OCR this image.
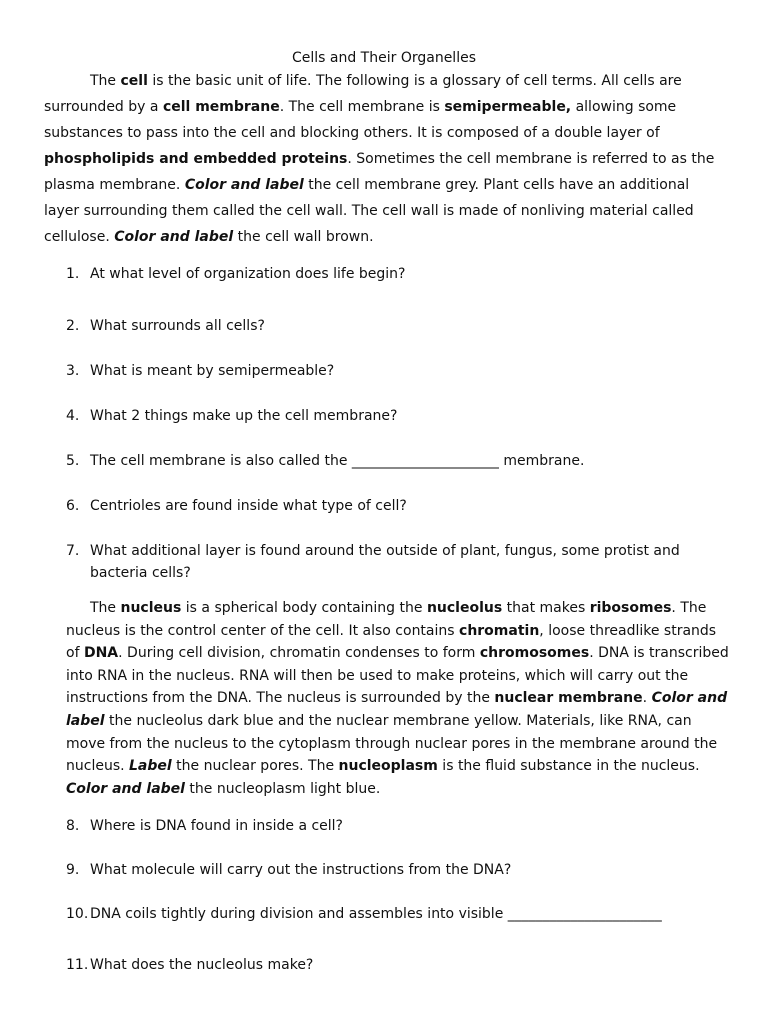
Cells and Their Organelles

The cell is the basic unit of life. The following is a glossary of cell terms. All cells are surrounded by a cell membrane. The cell membrane is semipermeable, allowing some substances to pass into the cell and blocking others. It is composed of a double layer of phospholipids and embedded proteins. Sometimes the cell membrane is referred to as the plasma membrane. Color and label the cell membrane grey. Plant cells have an additional layer surrounding them called the cell wall. The cell wall is made of nonliving material called cellulose. Color and label the cell wall brown.

1. At what level of organization does life begin?

2. What surrounds all cells?

3. What is meant by semipermeable?

4. What 2 things make up the cell membrane?

5. The cell membrane is also called the _____________________ membrane.

6. Centrioles are found inside what type of cell?

7. What additional layer is found around the outside of plant, fungus, some protist and
bacteria cells?

The nucleus is a spherical body containing the nucleolus that makes ribosomes. The nucleus is the control center of the cell. It also contains chromatin, loose threadlike strands of DNA. During cell division, chromatin condenses to form chromosomes. DNA is transcribed into RNA in the nucleus. RNA will then be used to make proteins, which will carry out the instructions from the DNA. The nucleus is surrounded by the nuclear membrane. Color and label the nucleolus dark blue and the nuclear membrane yellow. Materials, like RNA, can move from the nucleus to the cytoplasm through nuclear pores in the membrane around the nucleus. Label the nuclear pores. The nucleoplasm is the fluid substance in the nucleus. Color and label the nucleoplasm light blue.

8. Where is DNA found in inside a cell?

9. What molecule will carry out the instructions from the DNA?

10. DNA coils tightly during division and assembles into visible ______________________

11. What does the nucleolus make?
